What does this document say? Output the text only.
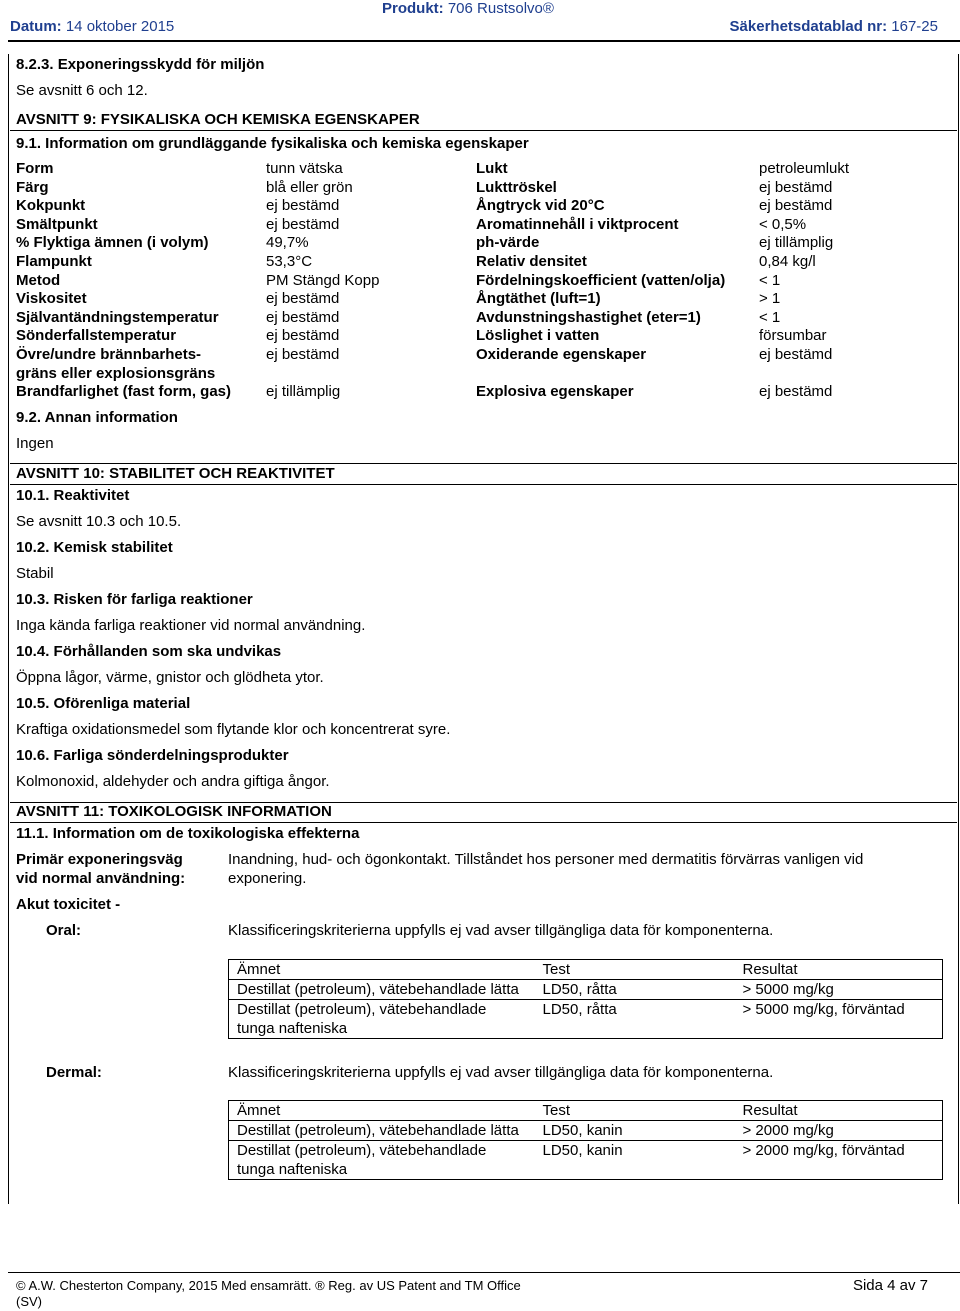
Datum: 14 oktober 2015
Produkt: 706 Rustsolvo®
Säkerhetsdatablad nr: 167-25
8.2.3. Exponeringsskydd för miljön
Se avsnitt 6 och 12.
AVSNITT 9: FYSIKALISKA OCH KEMISKA EGENSKAPER
9.1. Information om grundläggande fysikaliska och kemiska egenskaper
Form	tunn vätska	Lukt	petroleumlukt
Färg	blå eller grön	Lukttröskel	ej bestämd
Kokpunkt	ej bestämd	Ångtryck vid 20°C	ej bestämd
Smältpunkt	ej bestämd	Aromatinnehåll i viktprocent	< 0,5%
% Flyktiga ämnen (i volym)	49,7%	ph-värde	ej tillämplig
Flampunkt	53,3°C	Relativ densitet	0,84 kg/l
Metod	PM Stängd Kopp	Fördelningskoefficient (vatten/olja)	< 1
Viskositet	ej bestämd	Ångtäthet (luft=1)	> 1
Självantändningstemperatur	ej bestämd	Avdunstningshastighet (eter=1)	< 1
Sönderfallstemperatur	ej bestämd	Löslighet i vatten	försumbar
Övre/undre brännbarhets-	ej bestämd	Oxiderande egenskaper	ej bestämd
gräns eller explosionsgräns			
Brandfarlighet (fast form, gas)	ej tillämplig	Explosiva egenskaper	ej bestämd
9.2. Annan information
Ingen
AVSNITT 10: STABILITET OCH REAKTIVITET
10.1. Reaktivitet
Se avsnitt 10.3 och 10.5.
10.2. Kemisk stabilitet
Stabil
10.3. Risken för farliga reaktioner
Inga kända farliga reaktioner vid normal användning.
10.4. Förhållanden som ska undvikas
Öppna lågor, värme, gnistor och glödheta ytor.
10.5. Oförenliga material
Kraftiga oxidationsmedel som flytande klor och koncentrerat syre.
10.6. Farliga sönderdelningsprodukter
Kolmonoxid, aldehyder och andra giftiga ångor.
AVSNITT 11: TOXIKOLOGISK INFORMATION
11.1. Information om de toxikologiska effekterna
Primär exponeringsväg
vid normal användning:
Inandning, hud- och ögonkontakt. Tillståndet hos personer med dermatitis förvärras vanligen vid
exponering.
Akut toxicitet -
Oral:	Klassificeringskriterierna uppfylls ej vad avser tillgängliga data för komponenterna.
Ämnet	Test	Resultat
Destillat (petroleum), vätebehandlade lätta	LD50, råtta	> 5000 mg/kg
Destillat (petroleum), vätebehandlade tunga nafteniska	LD50, råtta	> 5000 mg/kg, förväntad
Dermal:	Klassificeringskriterierna uppfylls ej vad avser tillgängliga data för komponenterna.
Ämnet	Test	Resultat
Destillat (petroleum), vätebehandlade lätta	LD50, kanin	> 2000 mg/kg
Destillat (petroleum), vätebehandlade tunga nafteniska	LD50, kanin	> 2000 mg/kg, förväntad
© A.W. Chesterton Company, 2015 Med ensamrätt. ® Reg. av US Patent and TM Office
(SV)
Sida 4 av 7
